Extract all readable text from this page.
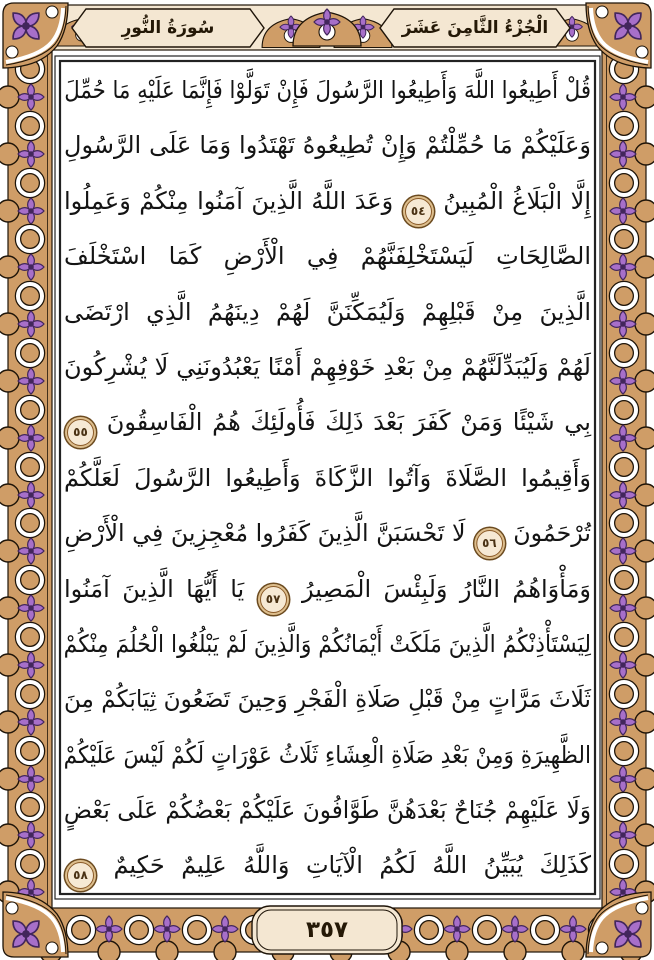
سُورَةُ النُّورِ	الْجُزْءُ الثَّامِنَ عَشَرَ
قُلْ أَطِيعُوا اللَّهَ وَأَطِيعُوا الرَّسُولَ فَإِنْ تَوَلَّوْا فَإِنَّمَا عَلَيْهِ مَا حُمِّلَ
وَعَلَيْكُمْ مَا حُمِّلْتُمْ وَإِنْ تُطِيعُوهُ تَهْتَدُوا وَمَا عَلَى الرَّسُولِ
إِلَّا الْبَلَاغُ الْمُبِينُ ٥٤ وَعَدَ اللَّهُ الَّذِينَ آمَنُوا مِنْكُمْ وَعَمِلُوا
الصَّالِحَاتِ لَيَسْتَخْلِفَنَّهُمْ فِي الْأَرْضِ كَمَا اسْتَخْلَفَ
الَّذِينَ مِنْ قَبْلِهِمْ وَلَيُمَكِّنَنَّ لَهُمْ دِينَهُمُ الَّذِي ارْتَضَى
لَهُمْ وَلَيُبَدِّلَنَّهُمْ مِنْ بَعْدِ خَوْفِهِمْ أَمْنًا يَعْبُدُونَنِي لَا يُشْرِكُونَ
بِي شَيْئًا وَمَنْ كَفَرَ بَعْدَ ذَلِكَ فَأُولَئِكَ هُمُ الْفَاسِقُونَ ٥٥
وَأَقِيمُوا الصَّلَاةَ وَآتُوا الزَّكَاةَ وَأَطِيعُوا الرَّسُولَ لَعَلَّكُمْ
تُرْحَمُونَ ٥٦ لَا تَحْسَبَنَّ الَّذِينَ كَفَرُوا مُعْجِزِينَ فِي الْأَرْضِ
وَمَأْوَاهُمُ النَّارُ وَلَبِئْسَ الْمَصِيرُ ٥٧ يَا أَيُّهَا الَّذِينَ آمَنُوا
لِيَسْتَأْذِنْكُمُ الَّذِينَ مَلَكَتْ أَيْمَانُكُمْ وَالَّذِينَ لَمْ يَبْلُغُوا الْحُلُمَ مِنْكُمْ
ثَلَاثَ مَرَّاتٍ مِنْ قَبْلِ صَلَاةِ الْفَجْرِ وَحِينَ تَضَعُونَ ثِيَابَكُمْ مِنَ
الظَّهِيرَةِ وَمِنْ بَعْدِ صَلَاةِ الْعِشَاءِ ثَلَاثُ عَوْرَاتٍ لَكُمْ لَيْسَ عَلَيْكُمْ
وَلَا عَلَيْهِمْ جُنَاحٌ بَعْدَهُنَّ طَوَّافُونَ عَلَيْكُمْ بَعْضُكُمْ عَلَى بَعْضٍ
كَذَلِكَ يُبَيِّنُ اللَّهُ لَكُمُ الْآيَاتِ وَاللَّهُ عَلِيمٌ حَكِيمٌ ٥٨
٣٥٧
